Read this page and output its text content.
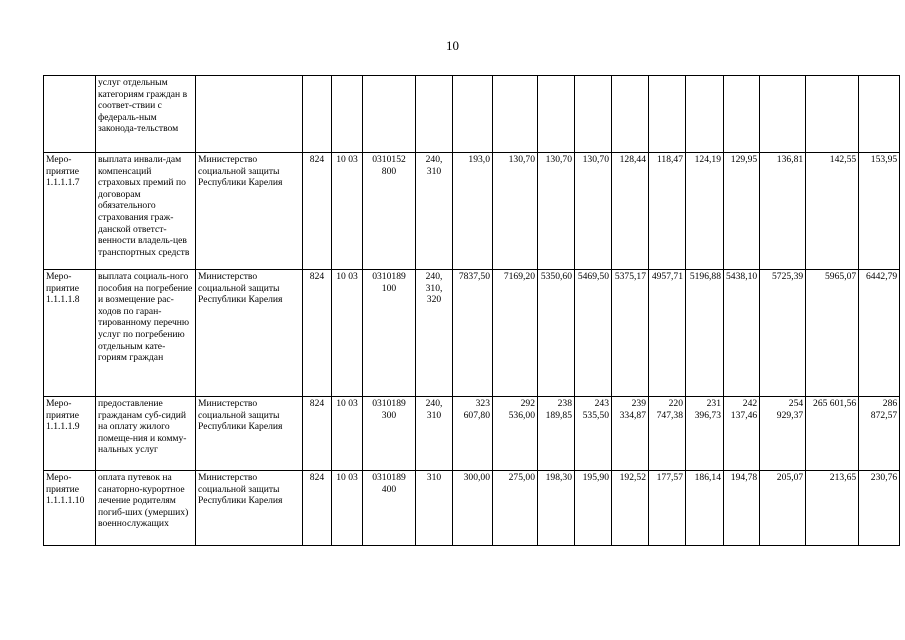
10
	услуг отдельным категориям граждан в соответ-ствии с федераль-ным законода-тельством																
Меро-приятие 1.1.1.1.7	выплата инвали-дам компенсаций страховых премий по договорам обязательного страхования граж-данской ответст-венности владель-цев транспортных средств	Министерство социальной защиты Республики Карелия	824	10 03	0310152 800	240, 310	193,0	130,70	130,70	130,70	128,44	118,47	124,19	129,95	136,81	142,55	153,95
Меро-приятие 1.1.1.1.8	выплата социаль-ного пособия на погребение и возмещение рас-ходов по гаран-тированному перечню услуг по погребению отдельным кате-гориям граждан	Министерство социальной защиты Республики Карелия	824	10 03	0310189 100	240, 310, 320	7837,50	7169,20	5350,60	5469,50	5375,17	4957,71	5196,88	5438,10	5725,39	5965,07	6442,79
Меро-приятие 1.1.1.1.9	предоставление гражданам суб-сидий на оплату жилого помеще-ния и комму-нальных услуг	Министерство социальной защиты Республики Карелия	824	10 03	0310189 300	240, 310	323 607,80	292 536,00	238 189,85	243 535,50	239 334,87	220 747,38	231 396,73	242 137,46	254 929,37	265 601,56	286 872,57
Меро-приятие 1.1.1.1.10	оплата путевок на санаторно-курортное лечение родителям погиб-ших (умерших) военнослужащих	Министерство социальной защиты Республики Карелия	824	10 03	0310189 400	310	300,00	275,00	198,30	195,90	192,52	177,57	186,14	194,78	205,07	213,65	230,76
